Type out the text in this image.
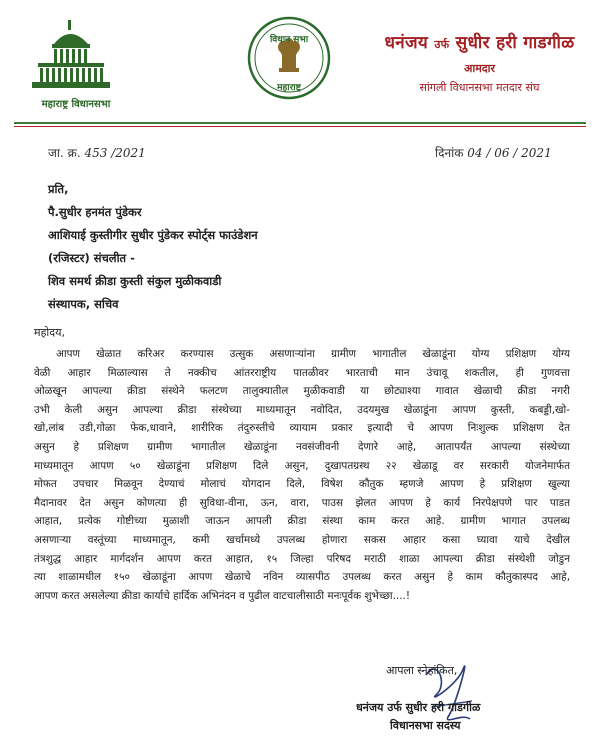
महाराष्ट्र विधानसभा
विधान सभा
महाराष्ट्र
धनंजय उर्फ सुधीर हरी गाडगीळ
आमदार
सांगली विधानसभा मतदार संघ
जा. क्र. 453 /2021	दिनांक 04 / 06 / 2021
प्रति,
पै.सुधीर हनमंत पुंडेकर
आशियाई कुस्तीगीर सुधीर पुंडेकर स्पोर्ट्स फाउंडेशन
(रजिस्टर) संचलीत -
शिव समर्थ क्रीडा कुस्ती संकुल मुळीकवाडी
संस्थापक, सचिव
महोदय,
आपण खेळात करिअर करण्यास उत्सुक असणाऱ्यांना ग्रामीण भागातील खेळाडूंना योग्य प्रशिक्षण योग्य
वेळी आहार मिळाल्यास ते नक्कीच आंतरराष्ट्रीय पातळीवर भारताची मान उंचावू शकतील, ही गुणवत्ता
ओळखून आपल्या क्रीडा संस्थेने फलटण तालुक्यातील मुळीकवाडी या छोट्याश्या गावात खेळाची क्रीडा नगरी
उभी केली असुन आपल्या क्रीडा संस्थेच्या माध्यमातून नवोदित, उदयमुख खेळाडूंना आपण कुस्ती, कबड्डी,खो-
खो,लांब उडी,गोळा फेक,धावाने, शारीरिक तंदुरुस्तीचे व्यायाम प्रकार इत्यादी चे आपण निःशुल्क प्रशिक्षण देत
असुन हे प्रशिक्षण ग्रामीण भागातील खेळाडूंना नवसंजीवनी देणारे आहे, आतापर्यंत आपल्या संस्थेच्या
माध्यमातून आपण ५० खेळाडूंना प्रशिक्षण दिले असुन, दुखापतग्रस्थ २२ खेळाडू वर सरकारी योजनेमार्फत
मोफत उपचार मिळवून देण्याचं मोलाचं योगदान दिले, विषेश कौतुक म्हणजे आपण हे प्रशिक्षण खुल्या
मैदानावर देत असुन कोणत्या ही सुविधा-वीना, ऊन, वारा, पाउस झेलत आपण हे कार्य निरपेक्षपणे पार पाडत
आहात, प्रत्येक गोष्टीच्या मुळाशी जाऊन आपली क्रीडा संस्था काम करत आहे. ग्रामीण भागात उपलब्ध
असणाऱ्या वस्तूंच्या माध्यमातून, कमी खर्चामध्ये उपलब्ध होणारा सकस आहार कसा घ्यावा याचे देखील
तंत्रशुद्ध आहार मार्गदर्शन आपण करत आहात, १५ जिल्हा परिषद मराठी शाळा आपल्या क्रीडा संस्थेशी जोडुन
त्या शाळामधील १५० खेळाडूंना आपण खेळाचे नविन व्यासपीठ उपलब्ध करत असुन हे काम कौतुकास्पद आहे,
आपण करत असलेल्या क्रीडा कार्याचे हार्दिक अभिनंदन व पुढील वाटचालीसाठी मनःपूर्वक शुभेच्छा....!
आपला स्नेहांकित,
धनंजय उर्फ सुधीर हरी गाडगीळ
विधानसभा सदस्य
